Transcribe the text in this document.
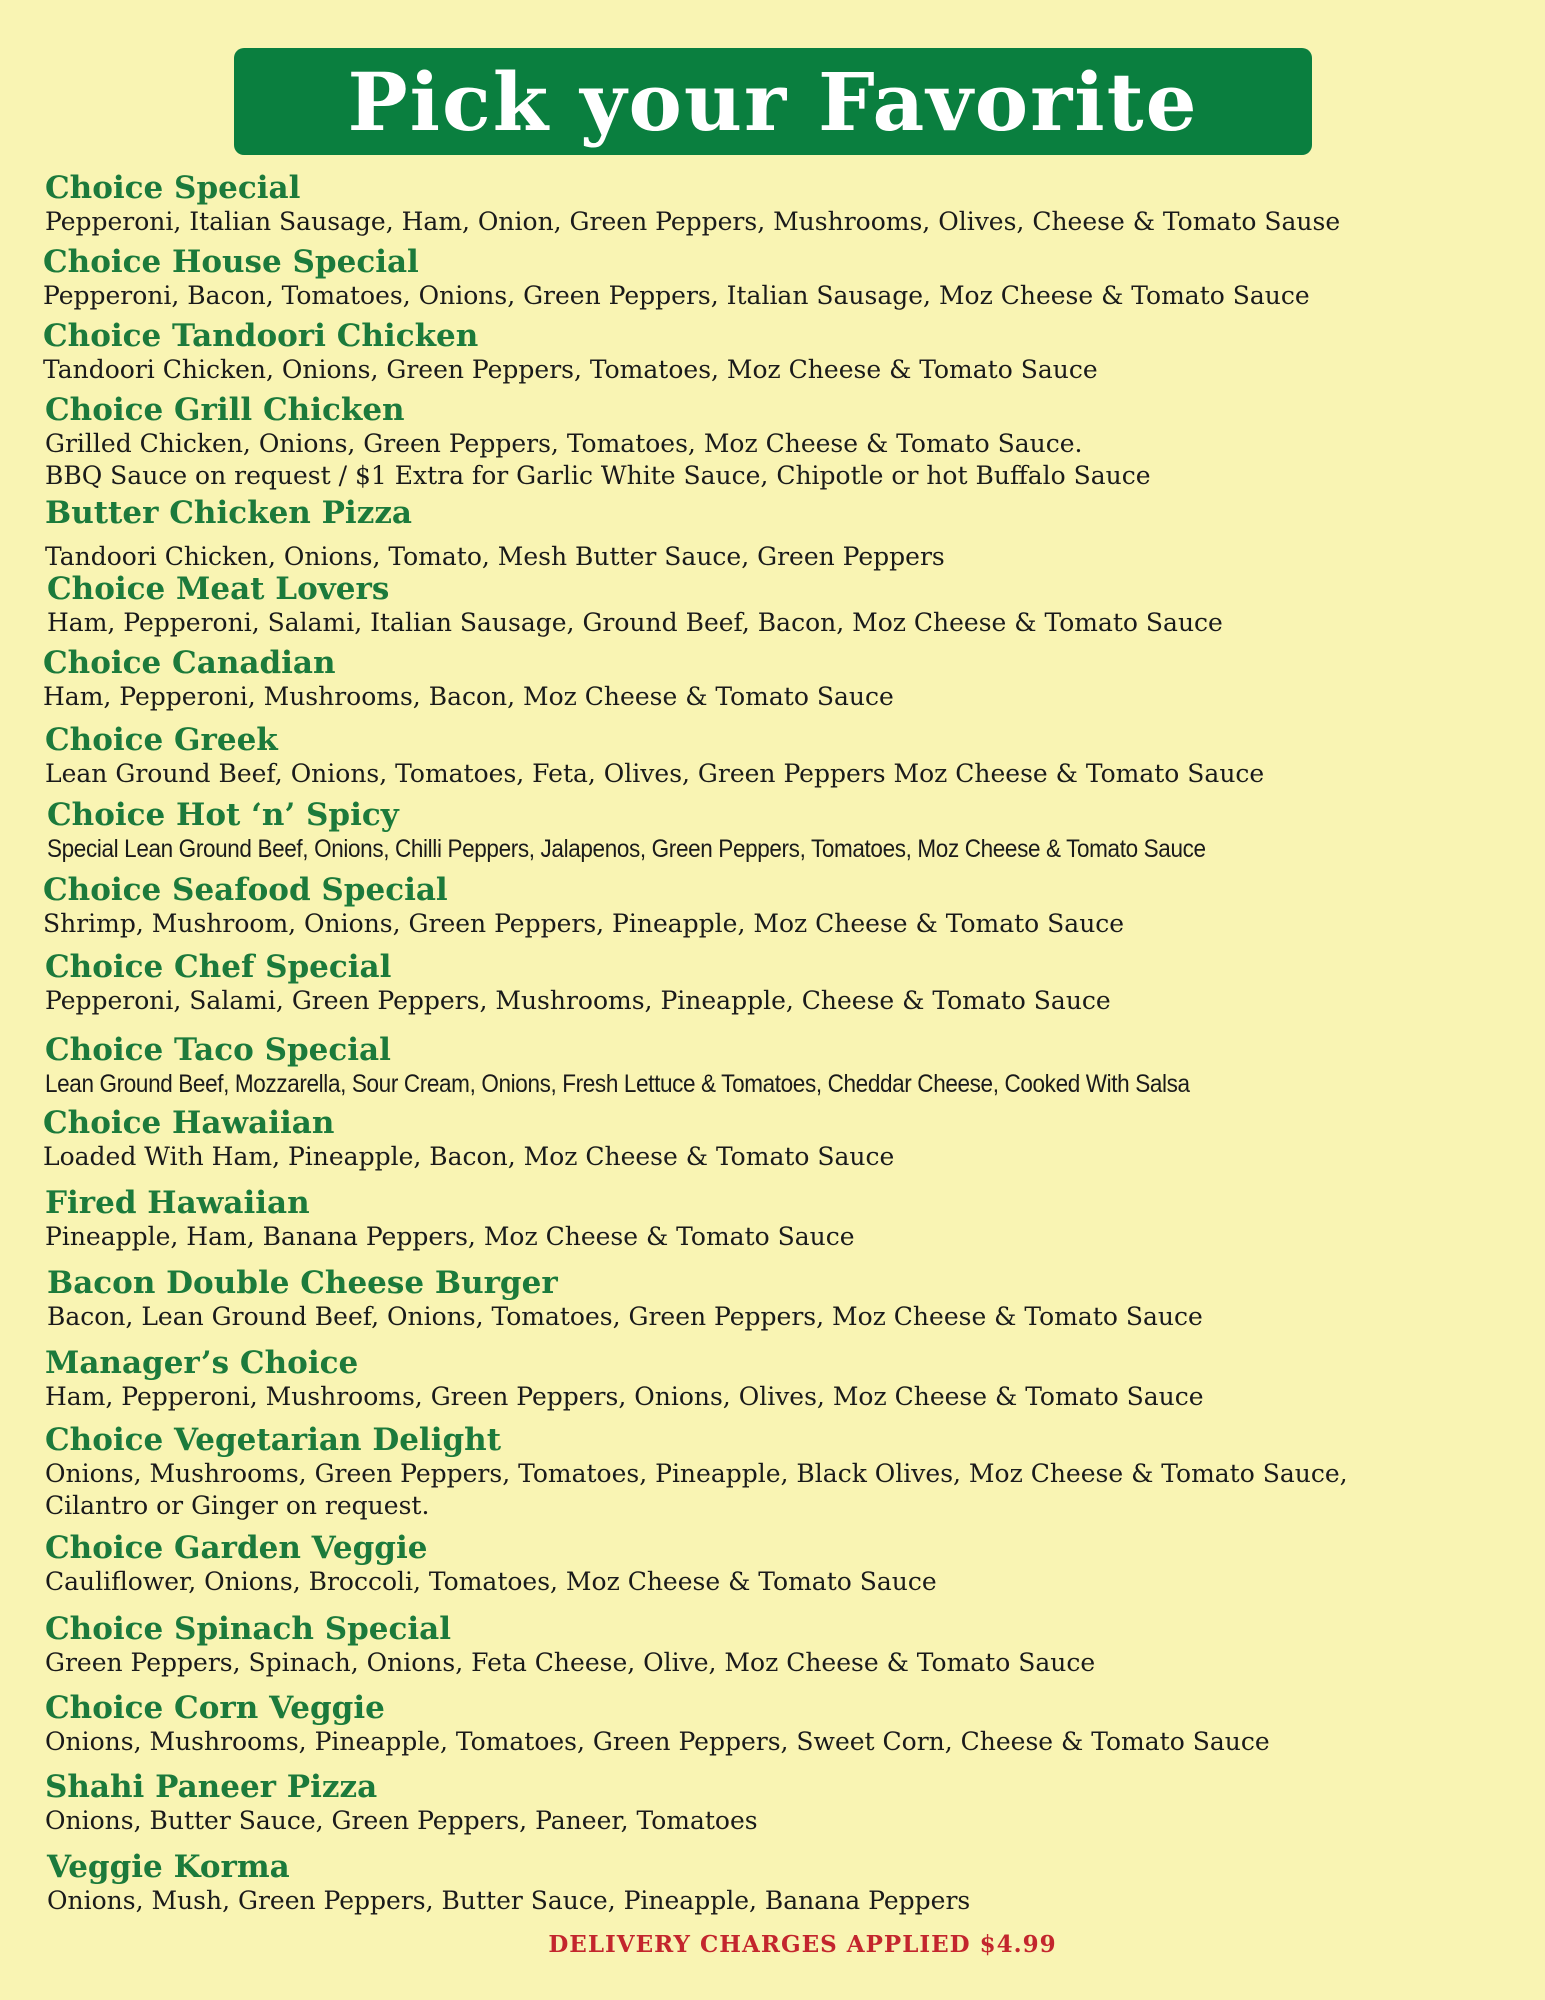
Pick your Favorite
Choice Special
Pepperoni, Italian Sausage, Ham, Onion, Green Peppers, Mushrooms, Olives, Cheese & Tomato Sause
Choice House Special
Pepperoni, Bacon, Tomatoes, Onions, Green Peppers, Italian Sausage, Moz Cheese & Tomato Sauce
Choice Tandoori Chicken
Tandoori Chicken, Onions, Green Peppers, Tomatoes, Moz Cheese & Tomato Sauce
Choice Grill Chicken
Grilled Chicken, Onions, Green Peppers, Tomatoes, Moz Cheese & Tomato Sauce.
BBQ Sauce on request / $1 Extra for Garlic White Sauce, Chipotle or hot Buffalo Sauce
Butter Chicken Pizza
Tandoori Chicken, Onions, Tomato, Mesh Butter Sauce, Green Peppers
Choice Meat Lovers
Ham, Pepperoni, Salami, Italian Sausage, Ground Beef, Bacon, Moz Cheese & Tomato Sauce
Choice Canadian
Ham, Pepperoni, Mushrooms, Bacon, Moz Cheese & Tomato Sauce
Choice Greek
Lean Ground Beef, Onions, Tomatoes, Feta, Olives, Green Peppers Moz Cheese & Tomato Sauce
Choice Hot ‘n’ Spicy
Special Lean Ground Beef, Onions, Chilli Peppers, Jalapenos, Green Peppers, Tomatoes, Moz Cheese & Tomato Sauce
Choice Seafood Special
Shrimp, Mushroom, Onions, Green Peppers, Pineapple, Moz Cheese & Tomato Sauce
Choice Chef Special
Pepperoni, Salami, Green Peppers, Mushrooms, Pineapple, Cheese & Tomato Sauce
Choice Taco Special
Lean Ground Beef, Mozzarella, Sour Cream, Onions, Fresh Lettuce & Tomatoes, Cheddar Cheese, Cooked With Salsa
Choice Hawaiian
Loaded With Ham, Pineapple, Bacon, Moz Cheese & Tomato Sauce
Fired Hawaiian
Pineapple, Ham, Banana Peppers, Moz Cheese & Tomato Sauce
Bacon Double Cheese Burger
Bacon, Lean Ground Beef, Onions, Tomatoes, Green Peppers, Moz Cheese & Tomato Sauce
Manager’s Choice
Ham, Pepperoni, Mushrooms, Green Peppers, Onions, Olives, Moz Cheese & Tomato Sauce
Choice Vegetarian Delight
Onions, Mushrooms, Green Peppers, Tomatoes, Pineapple, Black Olives, Moz Cheese & Tomato Sauce,
Cilantro or Ginger on request.
Choice Garden Veggie
Cauliflower, Onions, Broccoli, Tomatoes, Moz Cheese & Tomato Sauce
Choice Spinach Special
Green Peppers, Spinach, Onions, Feta Cheese, Olive, Moz Cheese & Tomato Sauce
Choice Corn Veggie
Onions, Mushrooms, Pineapple, Tomatoes, Green Peppers, Sweet Corn, Cheese & Tomato Sauce
Shahi Paneer Pizza
Onions, Butter Sauce, Green Peppers, Paneer, Tomatoes
Veggie Korma
Onions, Mush, Green Peppers, Butter Sauce, Pineapple, Banana Peppers
DELIVERY CHARGES APPLIED $4.99
